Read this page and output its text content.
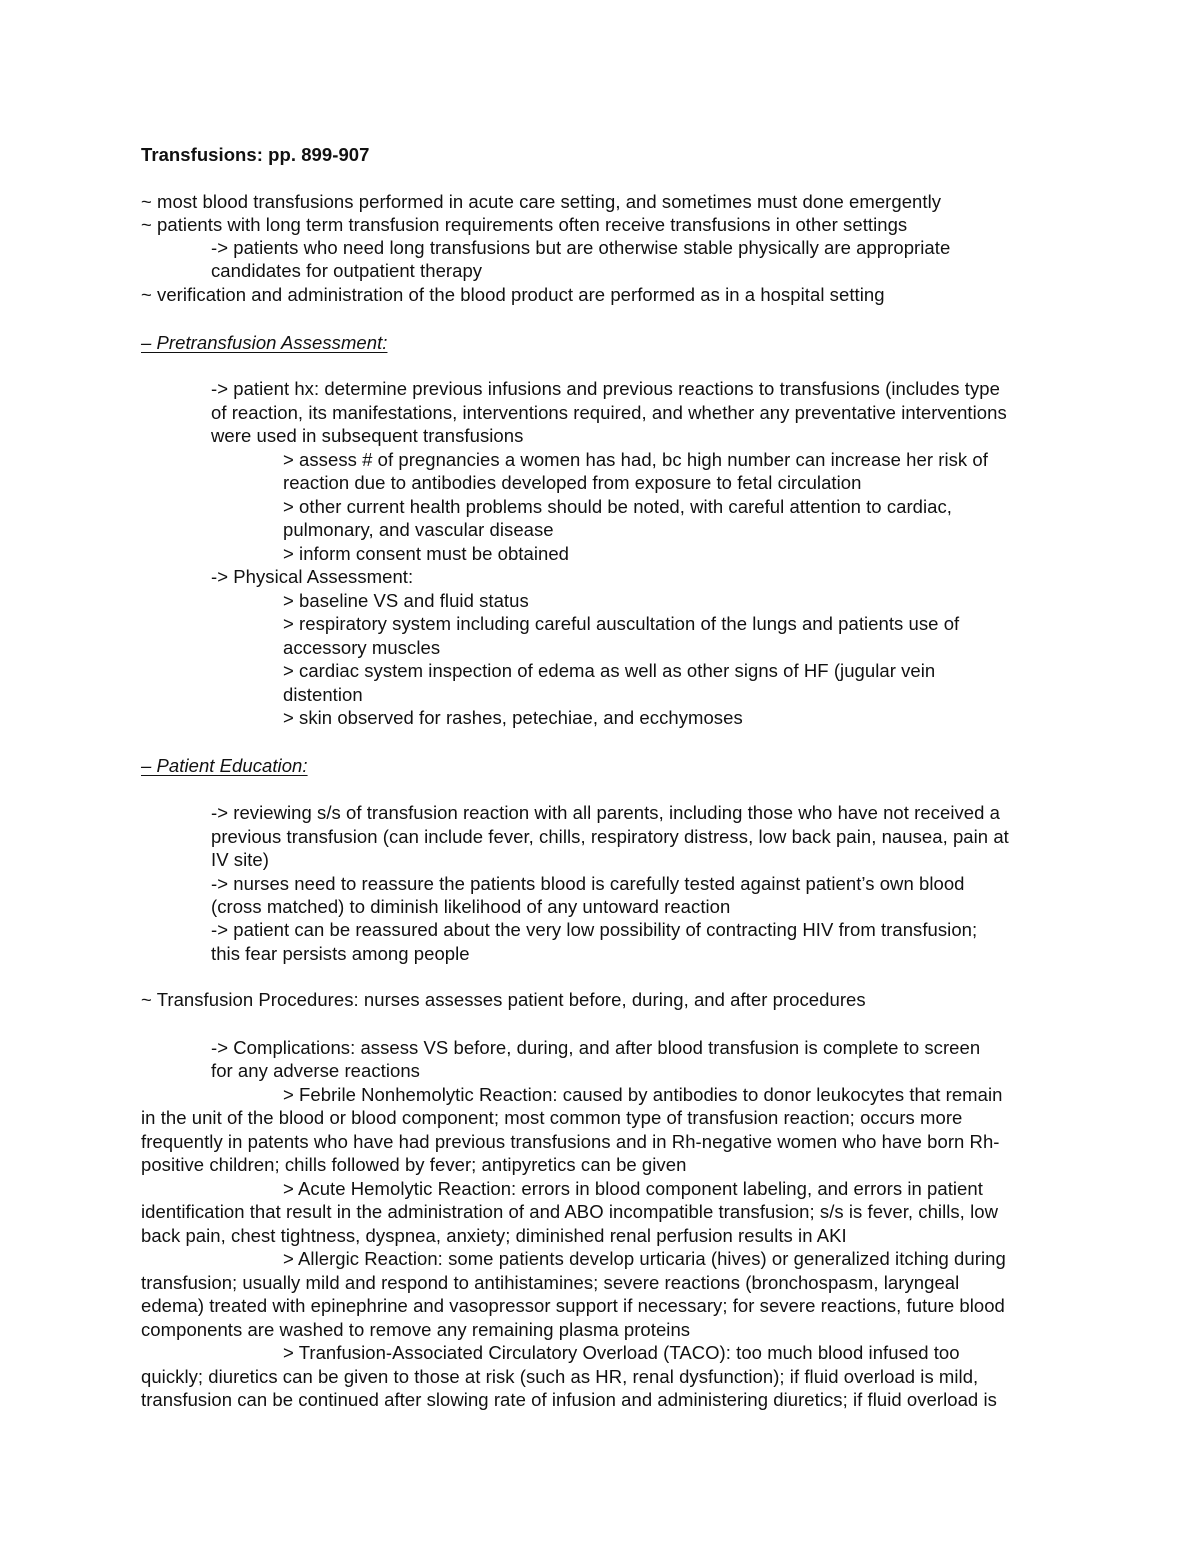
Transfusions: pp. 899-907
~ most blood transfusions performed in acute care setting, and sometimes must done emergently
~ patients with long term transfusion requirements often receive transfusions in other settings
-> patients who need long transfusions but are otherwise stable physically are appropriate
candidates for outpatient therapy
~ verification and administration of the blood product are performed as in a hospital setting
– Pretransfusion Assessment:
-> patient hx: determine previous infusions and previous reactions to transfusions (includes type
of reaction, its manifestations, interventions required, and whether any preventative interventions
were used in subsequent transfusions
> assess # of pregnancies a women has had, bc high number can increase her risk of
reaction due to antibodies developed from exposure to fetal circulation
> other current health problems should be noted, with careful attention to cardiac,
pulmonary, and vascular disease
> inform consent must be obtained
-> Physical Assessment:
> baseline VS and fluid status
> respiratory system including careful auscultation of the lungs and patients use of
accessory muscles
> cardiac system inspection of edema as well as other signs of HF (jugular vein
distention
> skin observed for rashes, petechiae, and ecchymoses
– Patient Education:
-> reviewing s/s of transfusion reaction with all parents, including those who have not received a
previous transfusion (can include fever, chills, respiratory distress, low back pain, nausea, pain at
IV site)
-> nurses need to reassure the patients blood is carefully tested against patient’s own blood
(cross matched) to diminish likelihood of any untoward reaction
-> patient can be reassured about the very low possibility of contracting HIV from transfusion;
this fear persists among people
~ Transfusion Procedures: nurses assesses patient before, during, and after procedures
-> Complications: assess VS before, during, and after blood transfusion is complete to screen
for any adverse reactions
> Febrile Nonhemolytic Reaction: caused by antibodies to donor leukocytes that remain
in the unit of the blood or blood component; most common type of transfusion reaction; occurs more
frequently in patents who have had previous transfusions and in Rh-negative women who have born Rh-
positive children; chills followed by fever; antipyretics can be given
> Acute Hemolytic Reaction: errors in blood component labeling, and errors in patient
identification that result in the administration of and ABO incompatible transfusion; s/s is fever, chills, low
back pain, chest tightness, dyspnea, anxiety; diminished renal perfusion results in AKI
> Allergic Reaction: some patients develop urticaria (hives) or generalized itching during
transfusion; usually mild and respond to antihistamines; severe reactions (bronchospasm, laryngeal
edema) treated with epinephrine and vasopressor support if necessary; for severe reactions, future blood
components are washed to remove any remaining plasma proteins
> Tranfusion-Associated Circulatory Overload (TACO): too much blood infused too
quickly; diuretics can be given to those at risk (such as HR, renal dysfunction); if fluid overload is mild,
transfusion can be continued after slowing rate of infusion and administering diuretics; if fluid overload is
